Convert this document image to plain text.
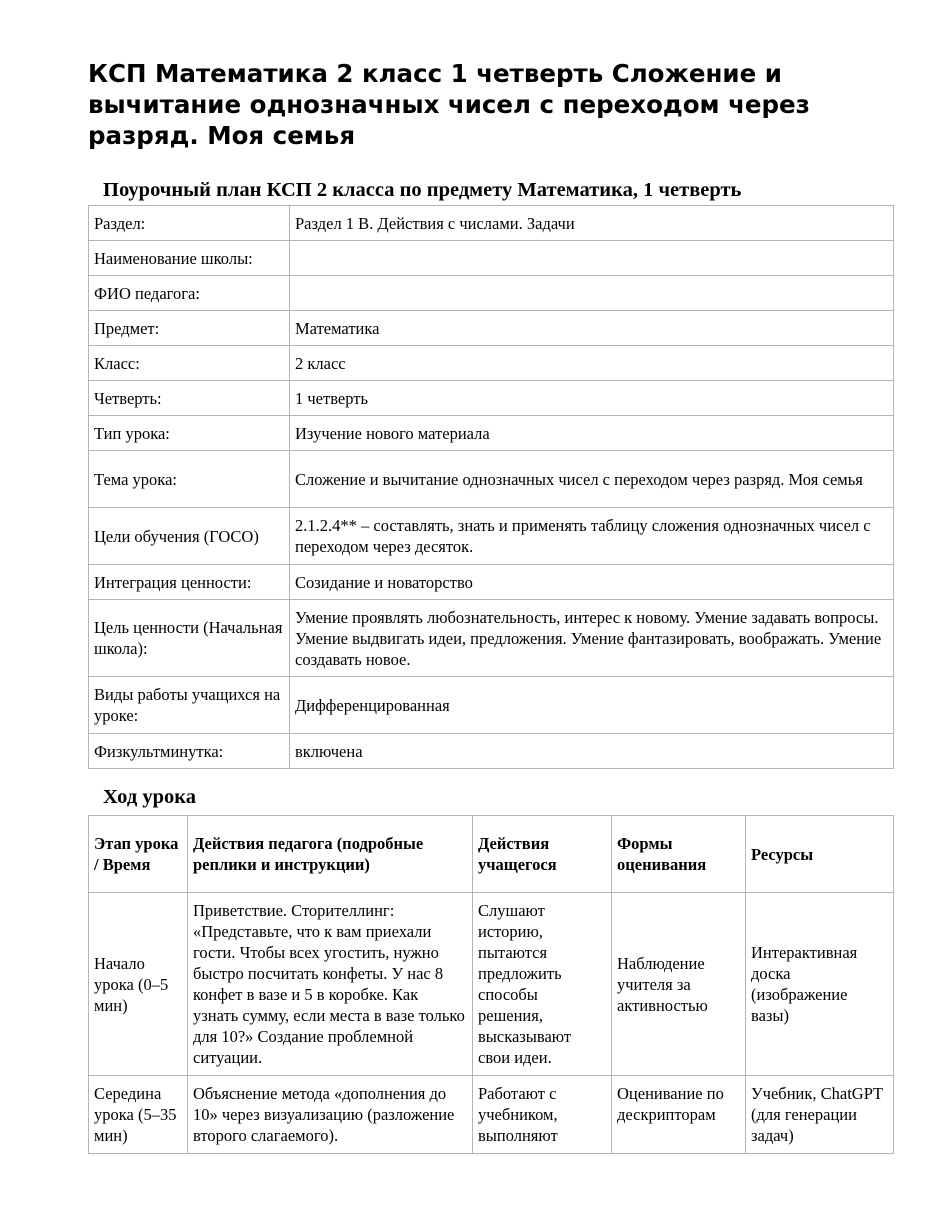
КСП Математика 2 класс 1 четверть Сложение и вычитание однозначных чисел с переходом через разряд. Моя семья
Поурочный план КСП 2 класса по предмету Математика, 1 четверть
Раздел:	Раздел 1 В. Действия с числами. Задачи
Наименование школы:	
ФИО педагога:	
Предмет:	Математика
Класс:	2 класс
Четверть:	1 четверть
Тип урока:	Изучение нового материала
Тема урока:	Сложение и вычитание однозначных чисел с переходом через разряд. Моя семья
Цели обучения (ГОСО)	2.1.2.4** – составлять, знать и применять таблицу сложения однозначных чисел с переходом через десяток.
Интеграция ценности:	Созидание и новаторство
Цель ценности (Начальная школа):	Умение проявлять любознательность, интерес к новому. Умение задавать вопросы. Умение выдвигать идеи, предложения. Умение фантазировать, воображать. Умение создавать новое.
Виды работы учащихся на уроке:	Дифференцированная
Физкультминутка:	включена
Ход урока
Этап урока / Время	Действия педагога (подробные реплики и инструкции)	Действия учащегося	Формы оценивания	Ресурсы
Начало урока (0–5 мин)	Приветствие. Сторителлинг: «Представьте, что к вам приехали гости. Чтобы всех угостить, нужно быстро посчитать конфеты. У нас 8 конфет в вазе и 5 в коробке. Как узнать сумму, если места в вазе только для 10?» Создание проблемной ситуации.	Слушают историю, пытаются предложить способы решения, высказывают свои идеи.	Наблюдение учителя за активностью	Интерактивная доска (изображение вазы)
Середина урока (5–35 мин)	Объяснение метода «дополнения до 10» через визуализацию (разложение второго слагаемого).	Работают с учебником, выполняют	Оценивание по дескрипторам	Учебник, ChatGPT (для генерации задач)
